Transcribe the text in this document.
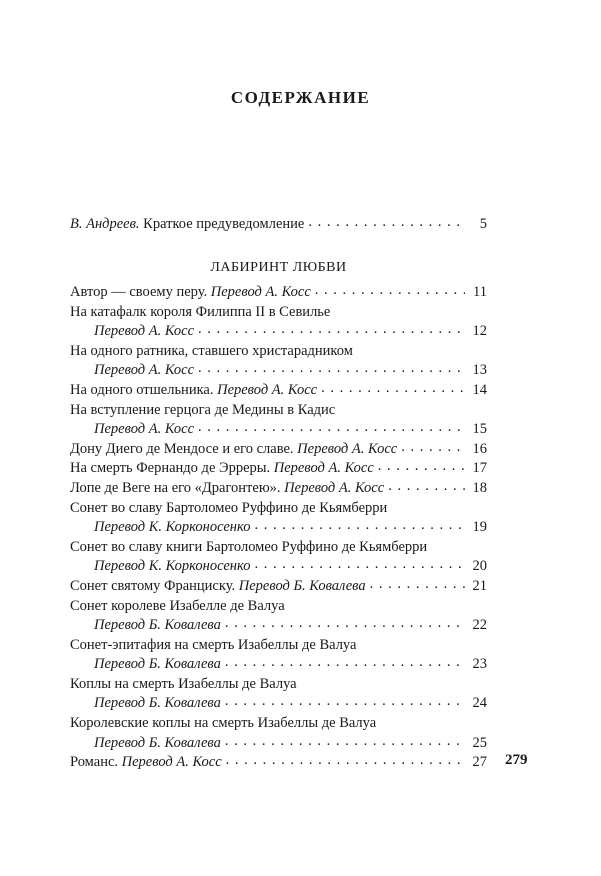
СОДЕРЖАНИЕ
В. Андреев. Краткое предуведомление . . .	5
ЛАБИРИНТ ЛЮБВИ
Автор — своему перу. Перевод А. Косс . . .	11
На катафалк короля Филиппа II в Севилье
Перевод А. Косс . . .	12
На одного ратника, ставшего христарадником
Перевод А. Косс . . .	13
На одного отшельника. Перевод А. Косс . . .	14
На вступление герцога де Медины в Кадис
Перевод А. Косс . . .	15
Дону Диего де Мендосе и его славе. Перевод А. Косс . . .	16
На смерть Фернандо де Эрреры. Перевод А. Косс . . .	17
Лопе де Веге на его «Драгонтею». Перевод А. Косс . . .	18
Сонет во славу Бартоломео Руффино де Кьямберри
Перевод К. Корконосенко . . .	19
Сонет во славу книги Бартоломео Руффино де Кьямберри
Перевод К. Корконосенко . . .	20
Сонет святому Франциску. Перевод Б. Ковалева . . .	21
Сонет королеве Изабелле де Валуа
Перевод Б. Ковалева . . .	22
Сонет-эпитафия на смерть Изабеллы де Валуа
Перевод Б. Ковалева . . .	23
Коплы на смерть Изабеллы де Валуа
Перевод Б. Ковалева . . .	24
Королевские коплы на смерть Изабеллы де Валуа
Перевод Б. Ковалева . . .	25
Романс. Перевод А. Косс . . .	27 279
